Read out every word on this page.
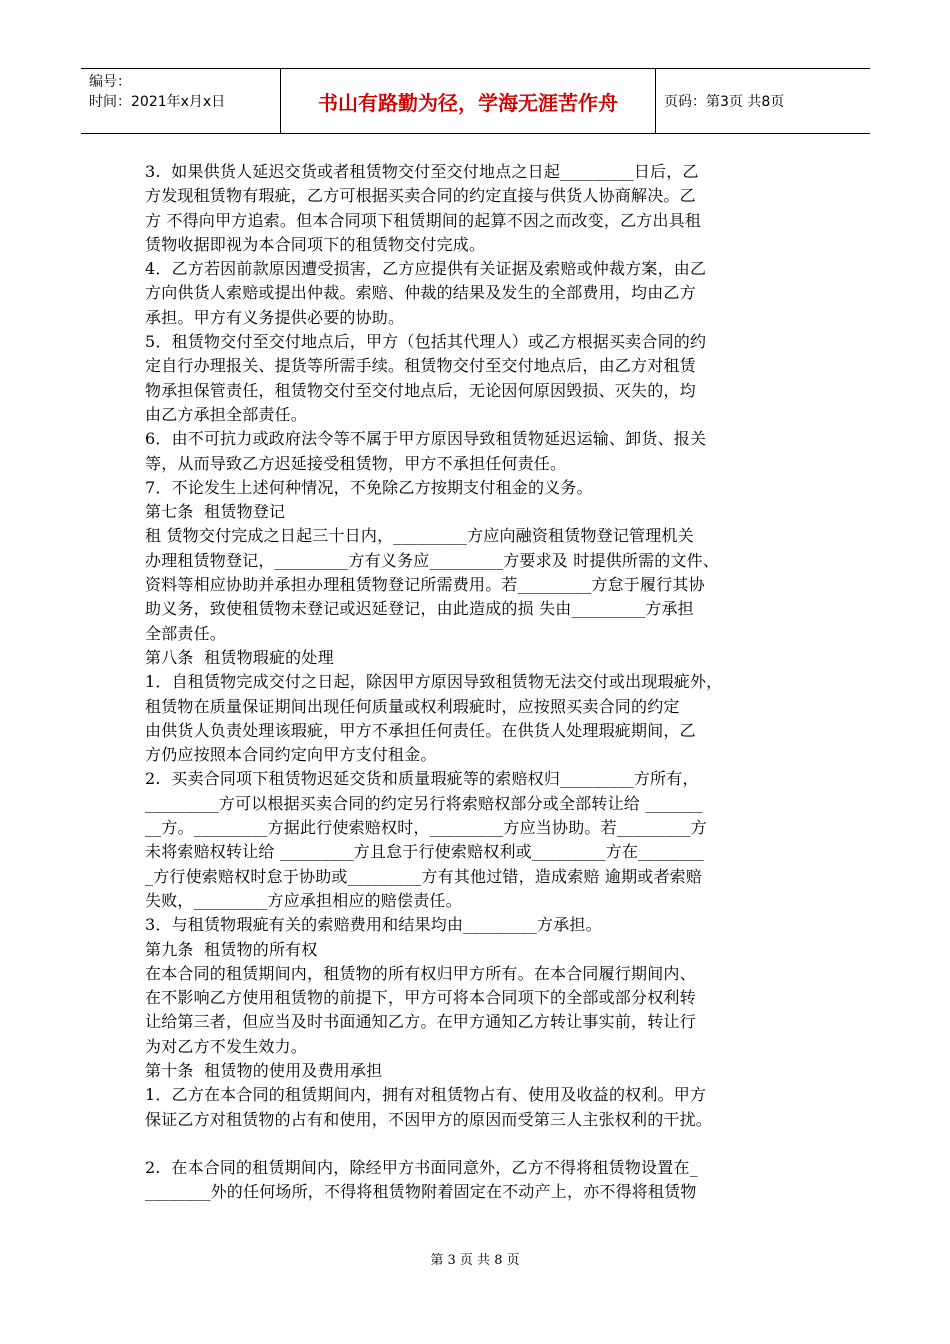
编号：
时间：2021年x月x日	书山有路勤为径，学海无涯苦作舟	页码：第3页 共8页

3.  如果供货人延迟交货或者租赁物交付至交付地点之日起_________日后，乙

方发现租赁物有瑕疵，乙方可根据买卖合同的约定直接与供货人协商解决。乙

方 不得向甲方追索。但本合同项下租赁期间的起算不因之而改变，乙方出具租

赁物收据即视为本合同项下的租赁物交付完成。

4．乙方若因前款原因遭受损害，乙方应提供有关证据及索赔或仲裁方案，由乙

方向供货人索赔或提出仲裁。索赔、仲裁的结果及发生的全部费用，均由乙方

承担。甲方有义务提供必要的协助。

5．租赁物交付至交付地点后，甲方（包括其代理人）或乙方根据买卖合同的约

定自行办理报关、提货等所需手续。租赁物交付至交付地点后，由乙方对租赁

物承担保管责任，租赁物交付至交付地点后，无论因何原因毁损、灭失的，均

由乙方承担全部责任。

6．由不可抗力或政府法令等不属于甲方原因导致租赁物延迟运输、卸货、报关

等，从而导致乙方迟延接受租赁物，甲方不承担任何责任。

7．不论发生上述何种情况，不免除乙方按期支付租金的义务。

第七条  租赁物登记

租 赁物交付完成之日起三十日内，_________方应向融资租赁物登记管理机关

办理租赁物登记，_________方有义务应_________方要求及 时提供所需的文件、

资料等相应协助并承担办理租赁物登记所需费用。若_________方怠于履行其协

助义务，致使租赁物未登记或迟延登记，由此造成的损 失由_________方承担

全部责任。

第八条  租赁物瑕疵的处理

1．自租赁物完成交付之日起，除因甲方原因导致租赁物无法交付或出现瑕疵外，

租赁物在质量保证期间出现任何质量或权利瑕疵时，应按照买卖合同的约定

由供货人负责处理该瑕疵，甲方不承担任何责任。在供货人处理瑕疵期间，乙

方仍应按照本合同约定向甲方支付租金。

2.  买卖合同项下租赁物迟延交货和质量瑕疵等的索赔权归_________方所有，

_________方可以根据买卖合同的约定另行将索赔权部分或全部转让给 _______

__方。_________方据此行使索赔权时，_________方应当协助。若_________方

未将索赔权转让给 _________方且怠于行使索赔权利或_________方在________

_方行使索赔权时怠于协助或_________方有其他过错，造成索赔 逾期或者索赔

失败，_________方应承担相应的赔偿责任。

3．与租赁物瑕疵有关的索赔费用和结果均由_________方承担。

第九条  租赁物的所有权

在本合同的租赁期间内，租赁物的所有权归甲方所有。在本合同履行期间内、

在不影响乙方使用租赁物的前提下，甲方可将本合同项下的全部或部分权利转

让给第三者，但应当及时书面通知乙方。在甲方通知乙方转让事实前，转让行

为对乙方不发生效力。

第十条  租赁物的使用及费用承担

1．乙方在本合同的租赁期间内，拥有对租赁物占有、使用及收益的权利。甲方

保证乙方对租赁物的占有和使用，不因甲方的原因而受第三人主张权利的干扰。

2.  在本合同的租赁期间内，除经甲方书面同意外，乙方不得将租赁物设置在_

________外的任何场所，不得将租赁物附着固定在不动产上，亦不得将租赁物

第 3 页 共 8 页
